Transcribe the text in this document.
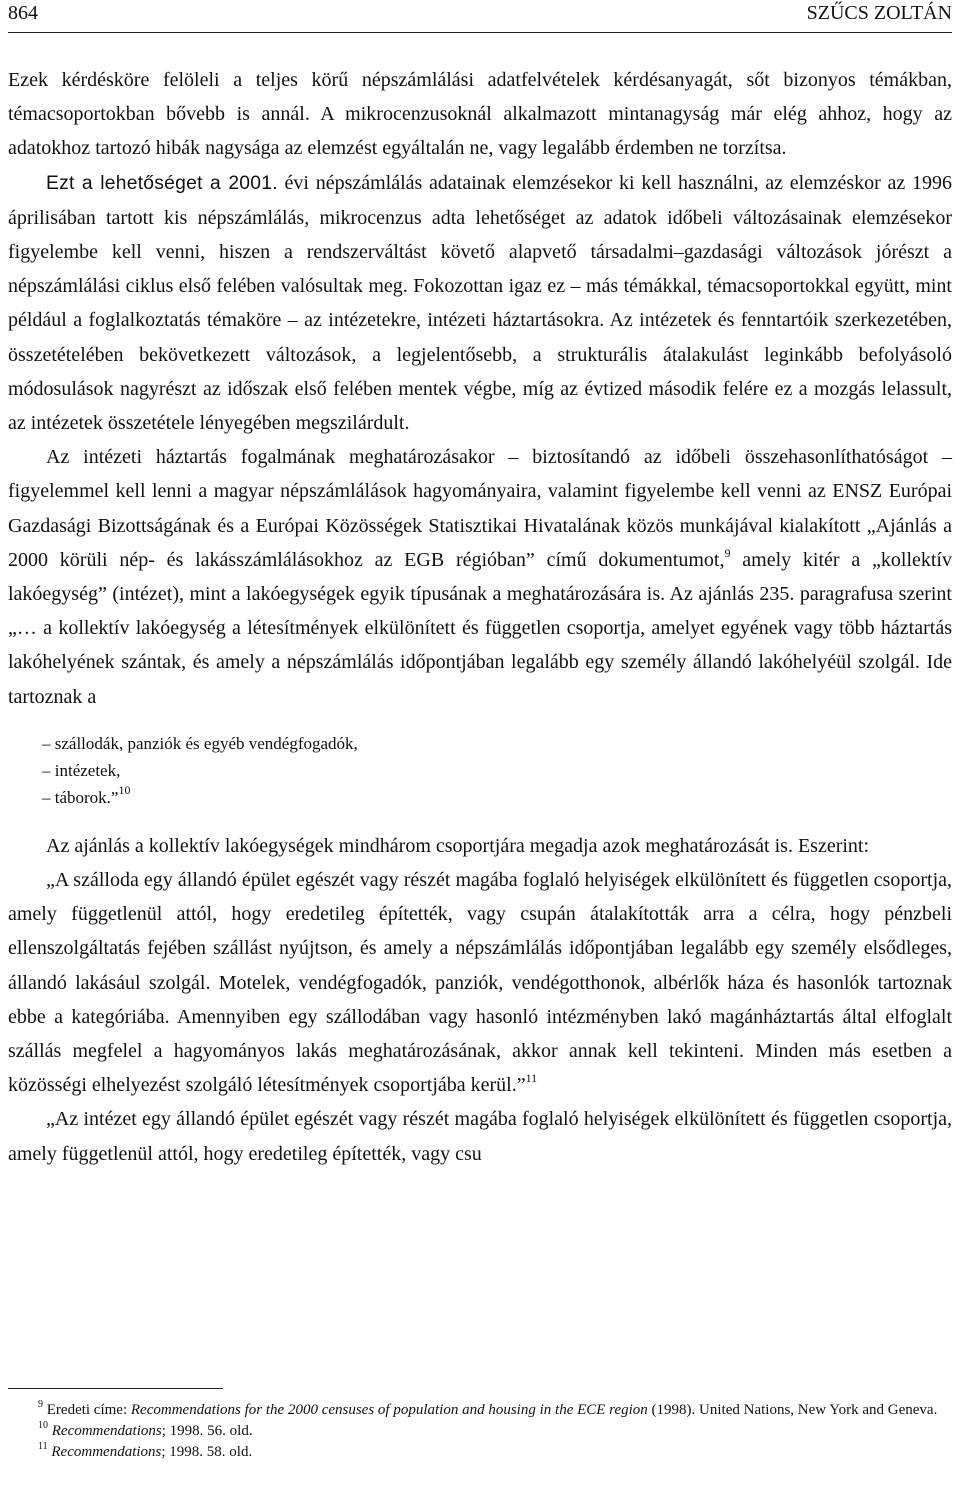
864	SZŰCS ZOLTÁN

Ezek kérdésköre felöleli a teljes körű népszámlálási adatfelvételek kérdésanyagát, sőt bizonyos témákban, témacsoportokban bővebb is annál. A mikrocenzusoknál alkalmazott mintanagyság már elég ahhoz, hogy az adatokhoz tartozó hibák nagysága az elemzést egyáltalán ne, vagy legalább érdemben ne torzítsa.

Ezt a lehetőséget a 2001. évi népszámlálás adatainak elemzésekor ki kell használni, az elemzéskor az 1996 áprilisában tartott kis népszámlálás, mikrocenzus adta lehetőséget az adatok időbeli változásainak elemzésekor figyelembe kell venni, hiszen a rendszerváltást követő alapvető társadalmi–gazdasági változások jórészt a népszámlálási ciklus első felében valósultak meg. Fokozottan igaz ez – más témákkal, témacsoportokkal együtt, mint például a foglalkoztatás témaköre – az intézetekre, intézeti háztartásokra. Az intézetek és fenntartóik szerkezetében, összetételében bekövetkezett változások, a legjelentősebb, a strukturális átalakulást leginkább befolyásoló módosulások nagyrészt az időszak első felében mentek végbe, míg az évtized második felére ez a mozgás lelassult, az intézetek összetétele lényegében megszilárdult.

Az intézeti háztartás fogalmának meghatározásakor – biztosítandó az időbeli összehasonlíthatóságot – figyelemmel kell lenni a magyar népszámlálások hagyományaira, valamint figyelembe kell venni az ENSZ Európai Gazdasági Bizottságának és a Európai Közösségek Statisztikai Hivatalának közös munkájával kialakított „Ajánlás a 2000 körüli nép- és lakásszámlálásokhoz az EGB régióban” című dokumentumot,$^9$ amely kitér a „kollektív lakóegység” (intézet), mint a lakóegységek egyik típusának a meghatározására is. Az ajánlás 235. paragrafusa szerint „… a kollektív lakóegység a létesítmények elkülönített és független csoportja, amelyet egyének vagy több háztartás lakóhelyének szántak, és amely a népszámlálás időpontjában legalább egy személy állandó lakóhelyéül szolgál. Ide tartoznak a

– szállodák, panziók és egyéb vendégfogadók,
– intézetek,
– táborok.”$^{10}$

Az ajánlás a kollektív lakóegységek mindhárom csoportjára megadja azok meghatározását is. Eszerint:

„A szálloda egy állandó épület egészét vagy részét magába foglaló helyiségek elkülönített és független csoportja, amely függetlenül attól, hogy eredetileg építették, vagy csupán átalakították arra a célra, hogy pénzbeli ellenszolgáltatás fejében szállást nyújtson, és amely a népszámlálás időpontjában legalább egy személy elsődleges, állandó lakásául szolgál. Motelek, vendégfogadók, panziók, vendégotthonok, albérlők háza és hasonlók tartoznak ebbe a kategóriába. Amennyiben egy szállodában vagy hasonló intézményben lakó magánháztartás által elfoglalt szállás megfelel a hagyományos lakás meghatározásának, akkor annak kell tekinteni. Minden más esetben a közösségi elhelyezést szolgáló létesítmények csoportjába kerül.”$^{11}$

„Az intézet egy állandó épület egészét vagy részét magába foglaló helyiségek elkülönített és független csoportja, amely függetlenül attól, hogy eredetileg építették, vagy csu

$^9$ Eredeti címe: Recommendations for the 2000 censuses of population and housing in the ECE region (1998). United Nations, New York and Geneva.

$^{10}$ Recommendations; 1998. 56. old.

$^{11}$ Recommendations; 1998. 58. old.
